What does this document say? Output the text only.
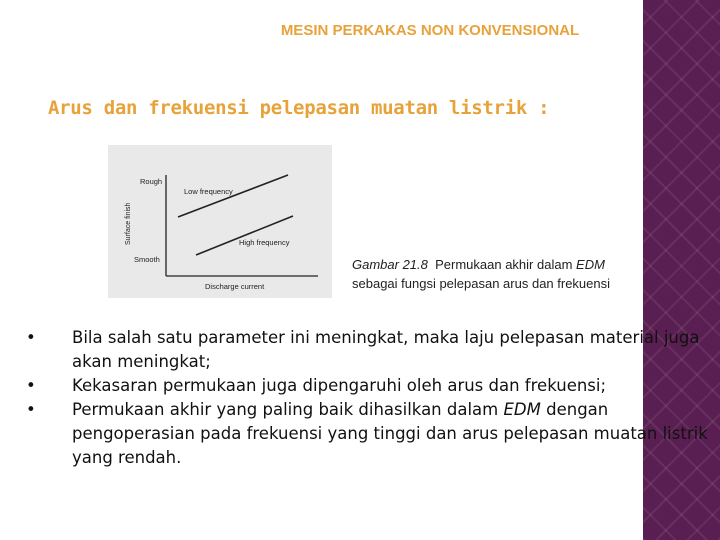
MESIN PERKAKAS NON KONVENSIONAL
Arus dan frekuensi pelepasan muatan listrik :
Rough
Smooth
Surface finish
Discharge current
Low frequency
High frequency
Gambar 21.8 Permukaan akhir dalam EDM
sebagai fungsi pelepasan arus dan frekuensi
• Bila salah satu parameter ini meningkat, maka laju pelepasan material juga akan meningkat;
• Kekasaran permukaan juga dipengaruhi oleh arus dan frekuensi;
• Permukaan akhir yang paling baik dihasilkan dalam EDM dengan pengoperasian pada frekuensi yang tinggi dan arus pelepasan muatan listrik yang rendah.
